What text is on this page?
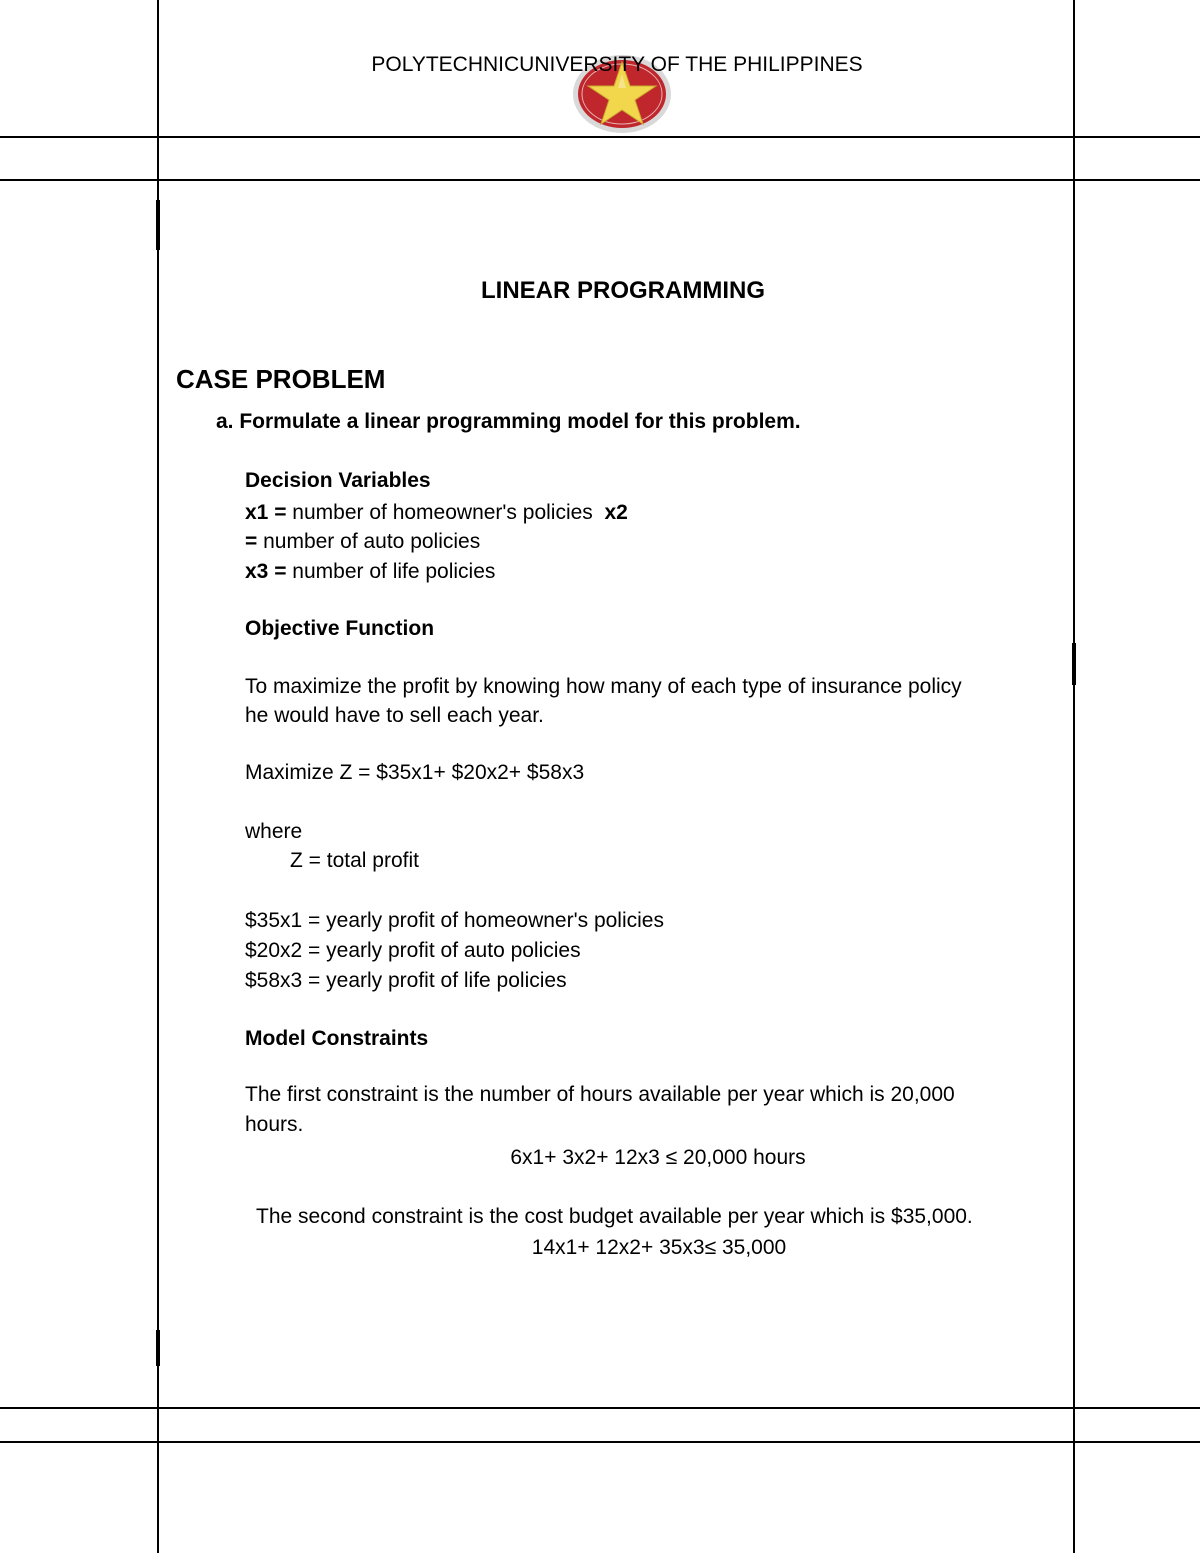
POLYTECHNICUNIVERSITY OF THE PHILIPPINES
LINEAR PROGRAMMING
CASE PROBLEM
a. Formulate a linear programming model for this problem.
Decision Variables
x1 = number of homeowner's policies x2
= number of auto policies
x3 = number of life policies
Objective Function
To maximize the profit by knowing how many of each type of insurance policy
he would have to sell each year.
Maximize Z = $35x1+ $20x2+ $58x3
where
Z = total profit
$35x1 = yearly profit of homeowner's policies
$20x2 = yearly profit of auto policies
$58x3 = yearly profit of life policies
Model Constraints
The first constraint is the number of hours available per year which is 20,000
hours.
6x1+ 3x2+ 12x3 ≤ 20,000 hours
The second constraint is the cost budget available per year which is $35,000.
14x1+ 12x2+ 35x3≤ 35,000
